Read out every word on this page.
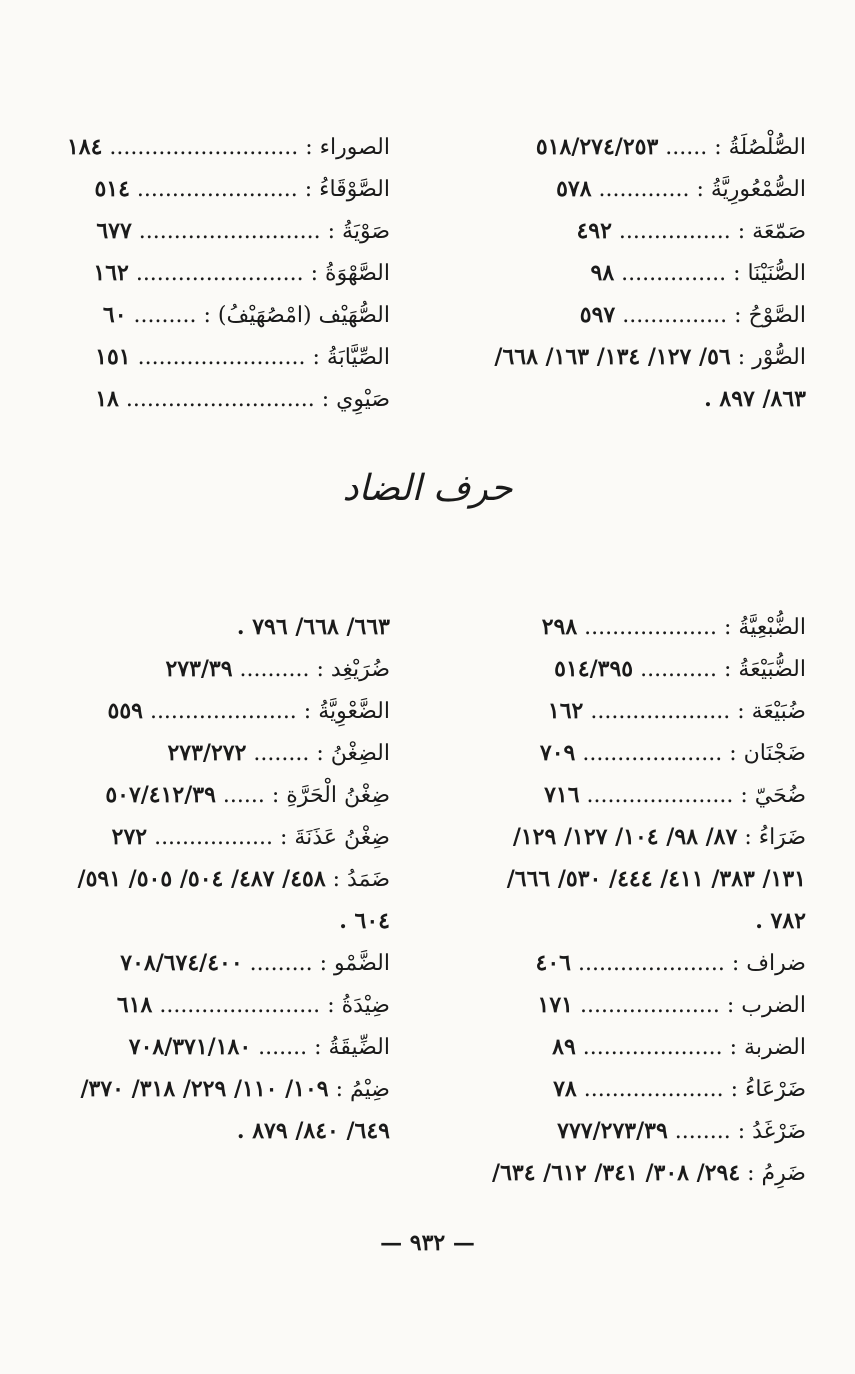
الصُّلْصُلَةُ : ...... ٥١٨/٢٧٤/٢٥٣
الصُّمْعُورِيَّةُ : ............. ٥٧٨
صَمّعَة : ................ ٤٩٢
الصُّنَيْنَا : ............... ٩٨
الصَّوْحُ : ............... ٥٩٧
الصُّوْر : ٥٦/ ١٢٧/ ١٣٤/ ١٦٣/ ٦٦٨/
٨٦٣/ ٨٩٧ .
الصوراء : ........................... ١٨٤
الصَّوْقَاءُ : ....................... ٥١٤
صَوْيَةُ : .......................... ٦٧٧
الصَّهْوَةُ : ........................ ١٦٢
الصُّهَيْف (امْصُهَيْفُ) : ......... ٦٠
الصِّيَّابَةُ : ........................ ١٥١
صَيْوِي : ........................... ١٨
حرف الضاد
الضُّبْعِيَّةُ : ................... ٢٩٨
الضُّبَيْعَةُ : ........... ٥١٤/٣٩٥
ضُبَيْعَة : .................... ١٦٢
ضَجْنَان : .................... ٧٠٩
ضُحَيّ : ..................... ٧١٦
ضَرَاءُ : ٨٧/ ٩٨/ ١٠٤/ ١٢٧/ ١٢٩/
١٣١/ ٣٨٣/ ٤١١/ ٤٤٤/ ٥٣٠/ ٦٦٦/
٧٨٢ .
ضراف : ..................... ٤٠٦
الضرب : .................... ١٧١
الضربة : .................... ٨٩
ضَرْعَاءُ : .................... ٧٨
ضَرْغَدُ : ........ ٧٧٧/٢٧٣/٣٩
ضَرِمُ : ٢٩٤/ ٣٠٨/ ٣٤١/ ٦١٢/ ٦٣٤/
٦٦٣/ ٦٦٨/ ٧٩٦ .
ضُرَيْغِد : .......... ٢٧٣/٣٩
الضَّعْوِيَّةُ : ..................... ٥٥٩
الضِغْنُ : ........ ٢٧٣/٢٧٢
ضِغْنُ الْحَرَّةِ : ...... ٥٠٧/٤١٢/٣٩
ضِغْنُ عَذَنَةَ : ................. ٢٧٢
ضَمَدُ : ٤٥٨/ ٤٨٧/ ٥٠٤/ ٥٠٥/ ٥٩١/
٦٠٤ .
الضَّمْو : ......... ٧٠٨/٦٧٤/٤٠٠
ضِيْدَةُ : ....................... ٦١٨
الضِّيقَةُ : ....... ٧٠٨/٣٧١/١٨٠
ضِيْمُ : ١٠٩/ ١١٠/ ٢٢٩/ ٣١٨/ ٣٧٠/
٦٤٩/ ٨٤٠/ ٨٧٩ .
— ٩٣٢ —
